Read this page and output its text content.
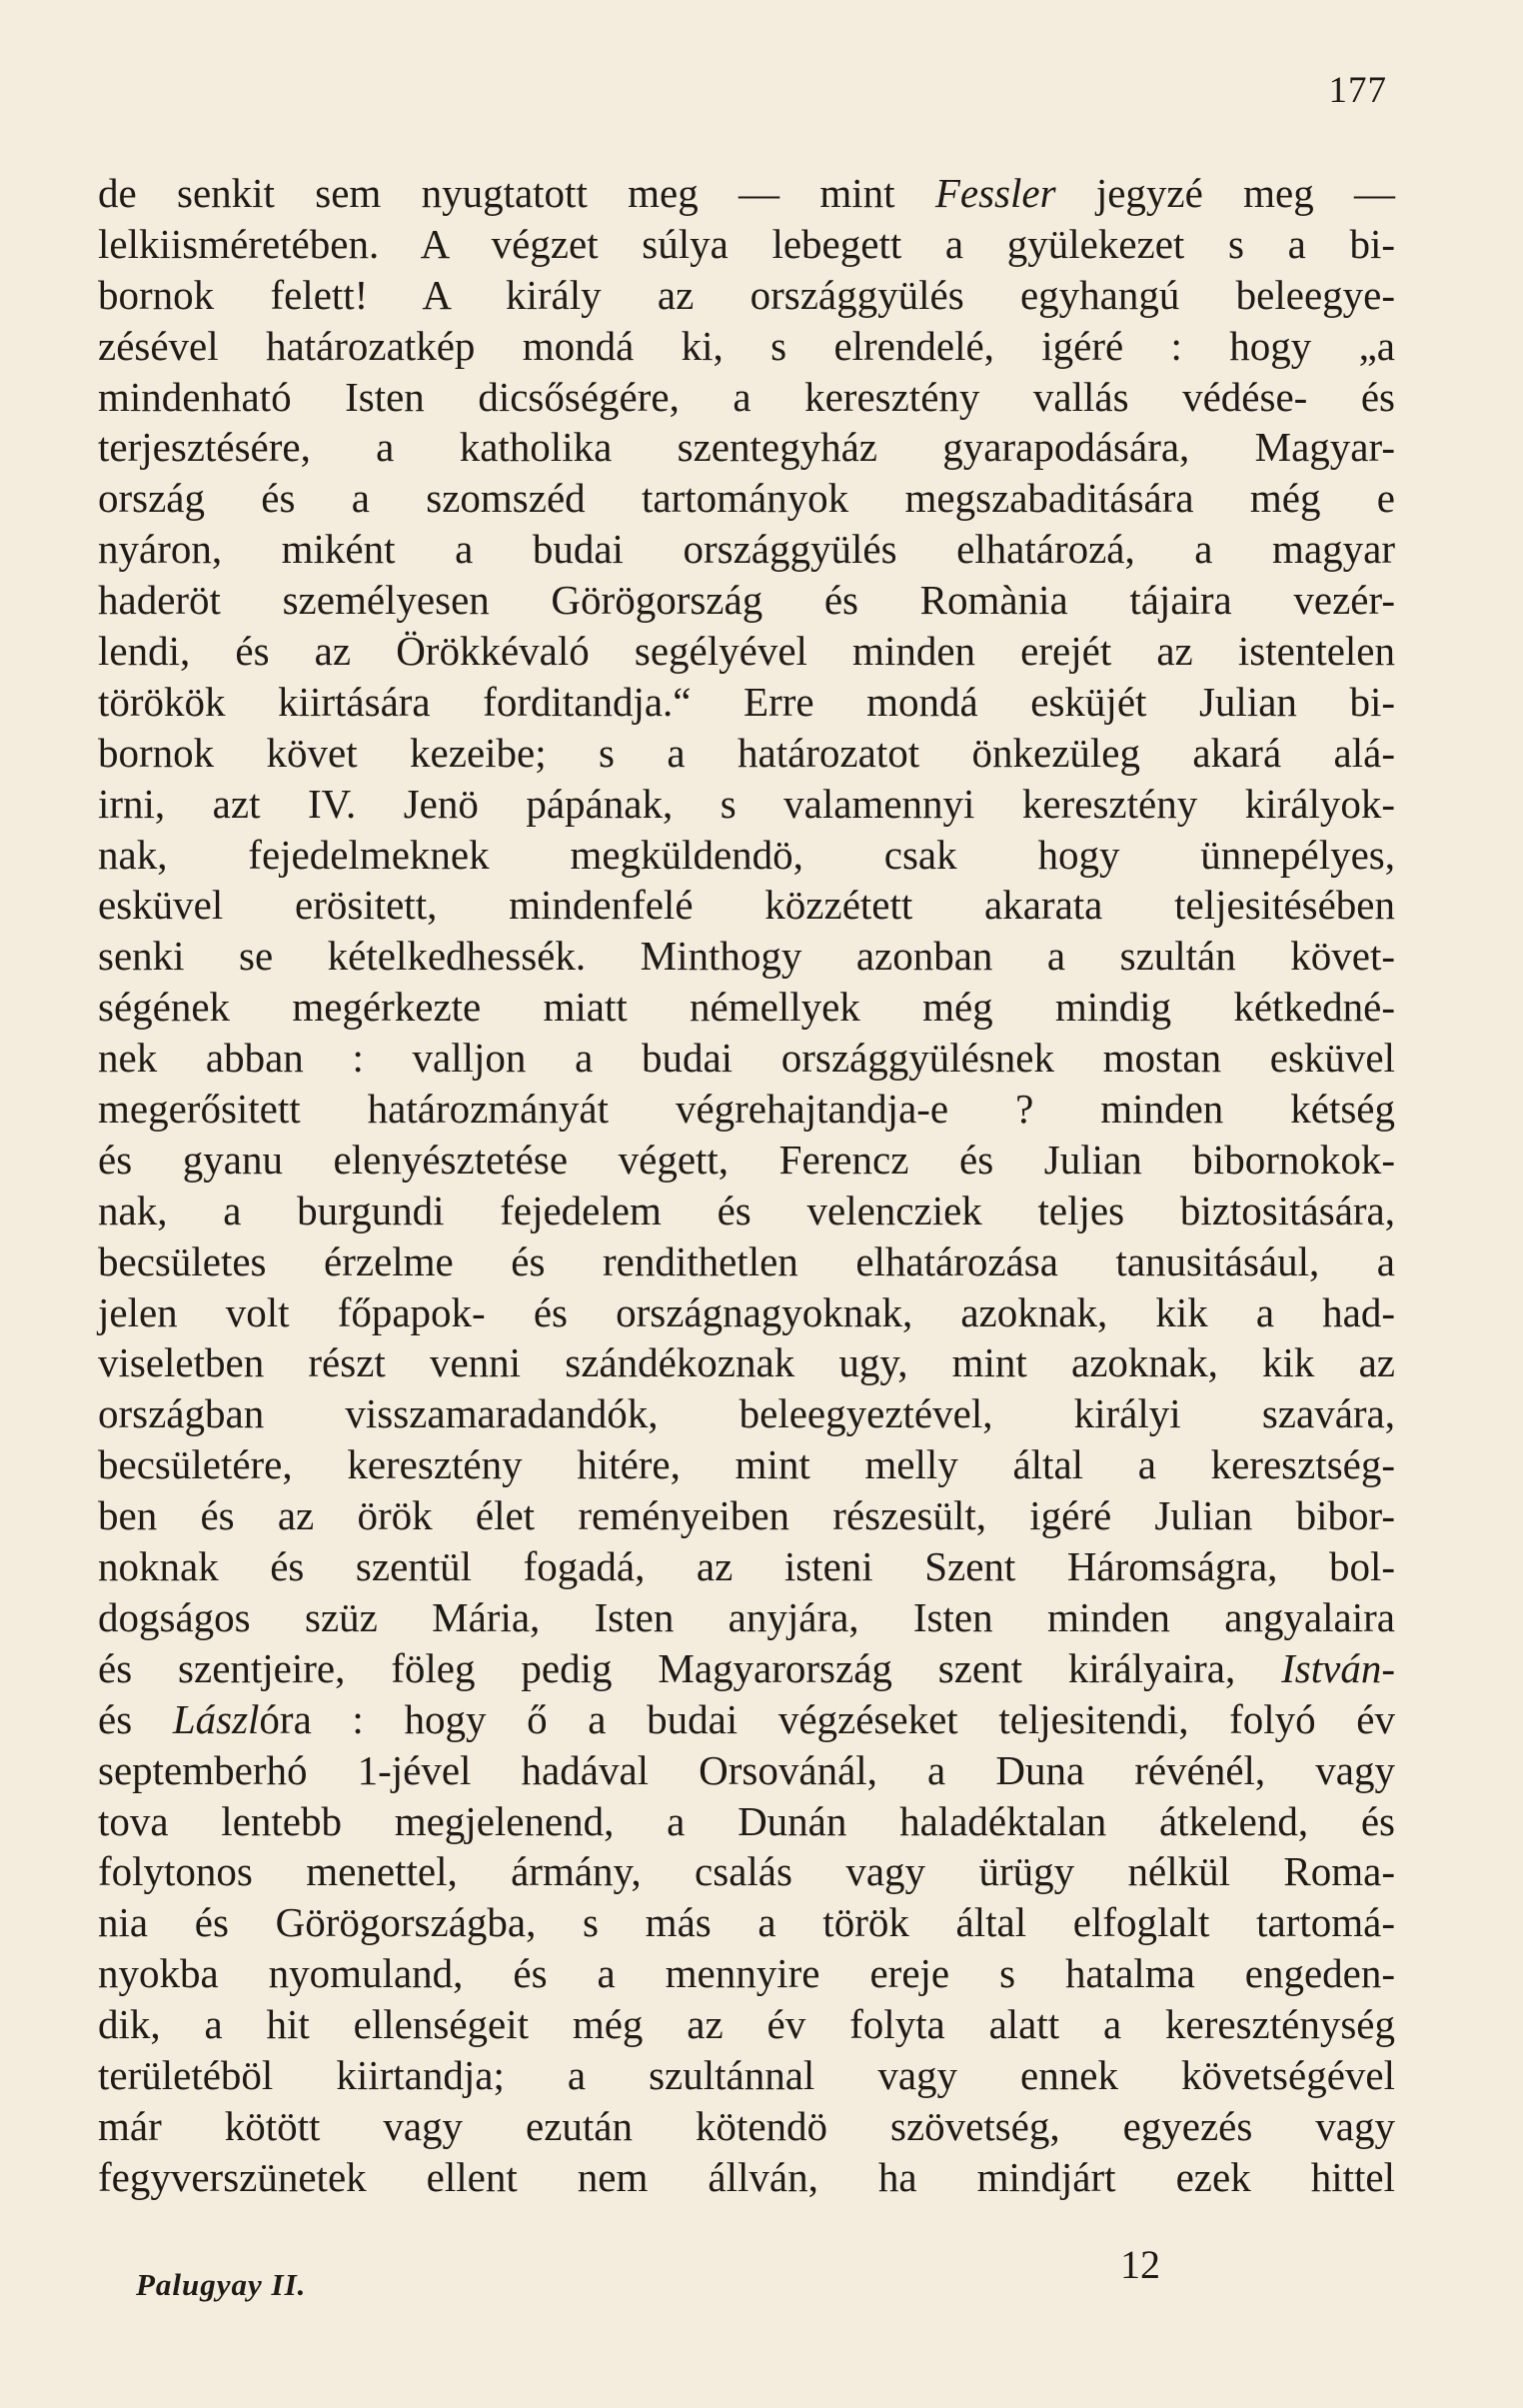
177
de senkit sem nyugtatott meg — mint Fessler jegyzé meg —
lelkiisméretében. A végzet súlya lebegett a gyülekezet s a bi-
bornok felett! A király az országgyülés egyhangú beleegye-
zésével határozatkép mondá ki, s elrendelé, igéré : hogy „a
mindenható Isten dicsőségére, a keresztény vallás védése- és
terjesztésére, a katholika szentegyház gyarapodására, Magyar-
ország és a szomszéd tartományok megszabaditására még e
nyáron, miként a budai országgyülés elhatározá, a magyar
haderöt személyesen Görögország és Romània tájaira vezér-
lendi, és az Örökkévaló segélyével minden erejét az istentelen
törökök kiirtására forditandja.“ Erre mondá esküjét Julian bi-
bornok követ kezeibe; s a határozatot önkezüleg akará alá-
irni, azt IV. Jenö pápának, s valamennyi keresztény királyok-
nak, fejedelmeknek megküldendö, csak hogy ünnepélyes,
esküvel erösitett, mindenfelé közzétett akarata teljesitésében
senki se kételkedhessék. Minthogy azonban a szultán követ-
ségének megérkezte miatt némellyek még mindig kétkedné-
nek abban : valljon a budai országgyülésnek mostan esküvel
megerősitett határozmányát végrehajtandja-e ? minden kétség
és gyanu elenyésztetése végett, Ferencz és Julian bibornokok-
nak, a burgundi fejedelem és velencziek teljes biztositására,
becsületes érzelme és rendithetlen elhatározása tanusitásául, a
jelen volt főpapok- és országnagyoknak, azoknak, kik a had-
viseletben részt venni szándékoznak ugy, mint azoknak, kik az
országban visszamaradandók, beleegyeztével, királyi szavára,
becsületére, keresztény hitére, mint melly által a keresztség-
ben és az örök élet reményeiben részesült, igéré Julian bibor-
noknak és szentül fogadá, az isteni Szent Háromságra, bol-
dogságos szüz Mária, Isten anyjára, Isten minden angyalaira
és szentjeire, föleg pedig Magyarország szent királyaira, István-
és Lászlóra : hogy ő a budai végzéseket teljesitendi, folyó év
septemberhó 1-jével hadával Orsovánál, a Duna révénél, vagy
tova lentebb megjelenend, a Dunán haladéktalan átkelend, és
folytonos menettel, ármány, csalás vagy ürügy nélkül Roma-
nia és Görögországba, s más a török által elfoglalt tartomá-
nyokba nyomuland, és a mennyire ereje s hatalma engeden-
dik, a hit ellenségeit még az év folyta alatt a kereszténység
területéböl kiirtandja; a szultánnal vagy ennek követségével
már kötött vagy ezután kötendö szövetség, egyezés vagy
fegyverszünetek ellent nem állván, ha mindjárt ezek hittel
Palugyay II.	12
